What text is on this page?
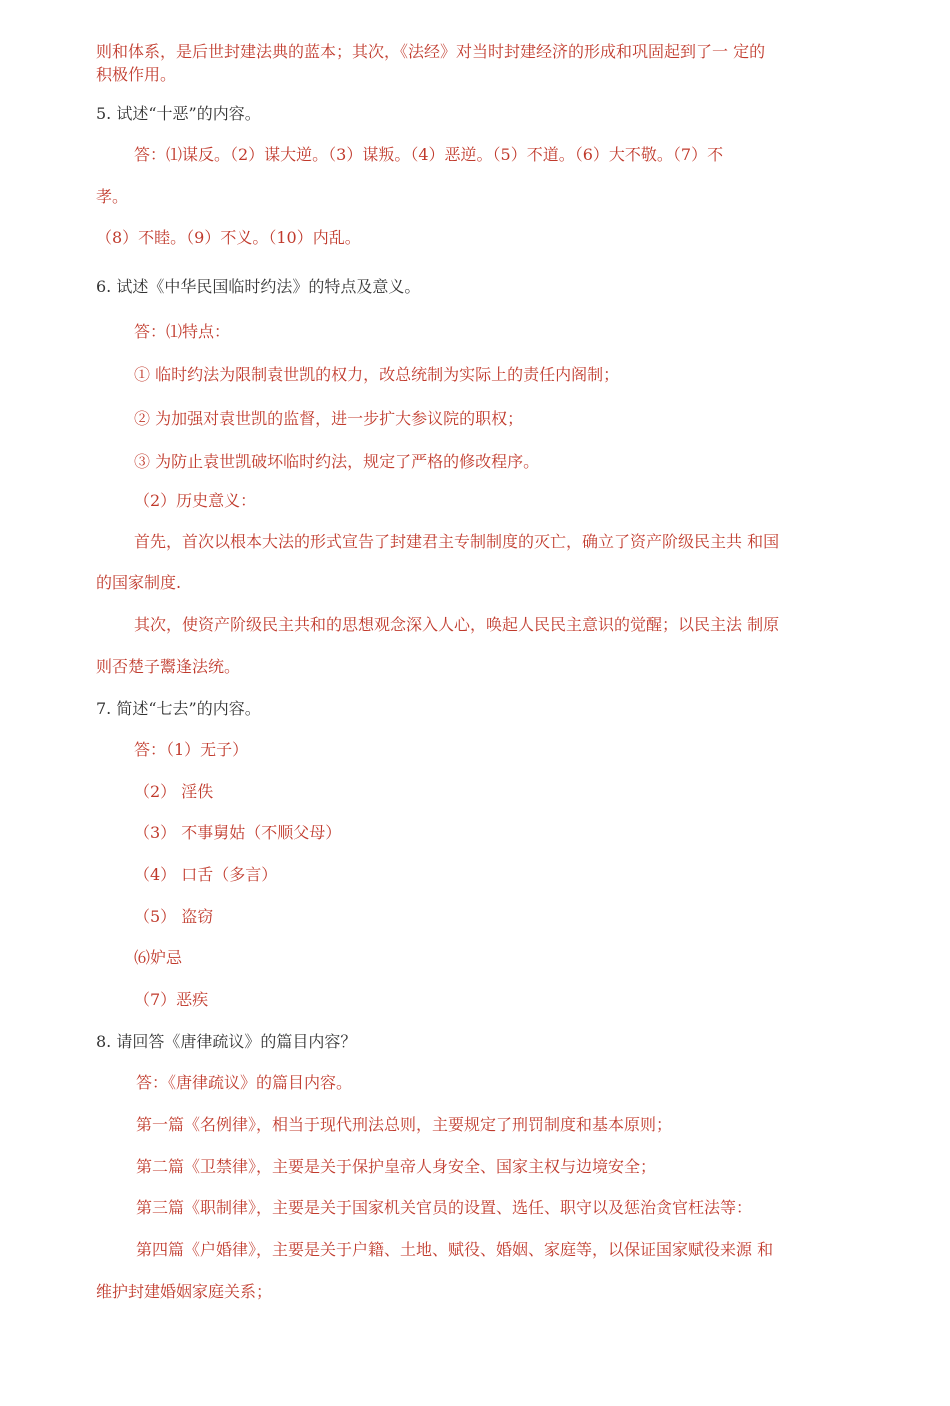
则和体系，是后世封建法典的蓝本；其次，《法经》对当时封建经济的形成和巩固起到了一 定的
积极作用。
5. 试述“十恶”的内容。
答：⑴谋反。（2）谋大逆。（3）谋叛。（4）恶逆。（5）不道。（6）大不敬。（7）不
孝。
（8）不睦。（9）不义。（10）内乱。
6. 试述《中华民国临时约法》的特点及意义。
答：⑴特点：
① 临时约法为限制袁世凯的权力，改总统制为实际上的责任内阁制；
② 为加强对袁世凯的监督，进一步扩大参议院的职权；
③ 为防止袁世凯破坏临时约法，规定了严格的修改程序。
（2）历史意义：
首先，首次以根本大法的形式宣告了封建君主专制制度的灭亡，确立了资产阶级民主共 和国
的国家制度.
其次，使资产阶级民主共和的思想观念深入人心，唤起人民民主意识的觉醒；以民主法 制原
则否楚子鬻逢法统。
7. 简述“七去”的内容。
答：（1）无子）
（2） 淫佚
（3） 不事舅姑（不顺父母）
（4） 口舌（多言）
（5） 盗窃
⑹妒忌
（7）恶疾
8. 请回答《唐律疏议》的篇目内容？
答：《唐律疏议》的篇目内容。
第一篇《名例律》，相当于现代刑法总则，主要规定了刑罚制度和基本原则；
第二篇《卫禁律》，主要是关于保护皇帝人身安全、国家主权与边境安全；
第三篇《职制律》，主要是关于国家机关官员的设置、选任、职守以及惩治贪官枉法等：
第四篇《户婚律》，主要是关于户籍、土地、赋役、婚姻、家庭等，以保证国家赋役来源 和
维护封建婚姻家庭关系；
